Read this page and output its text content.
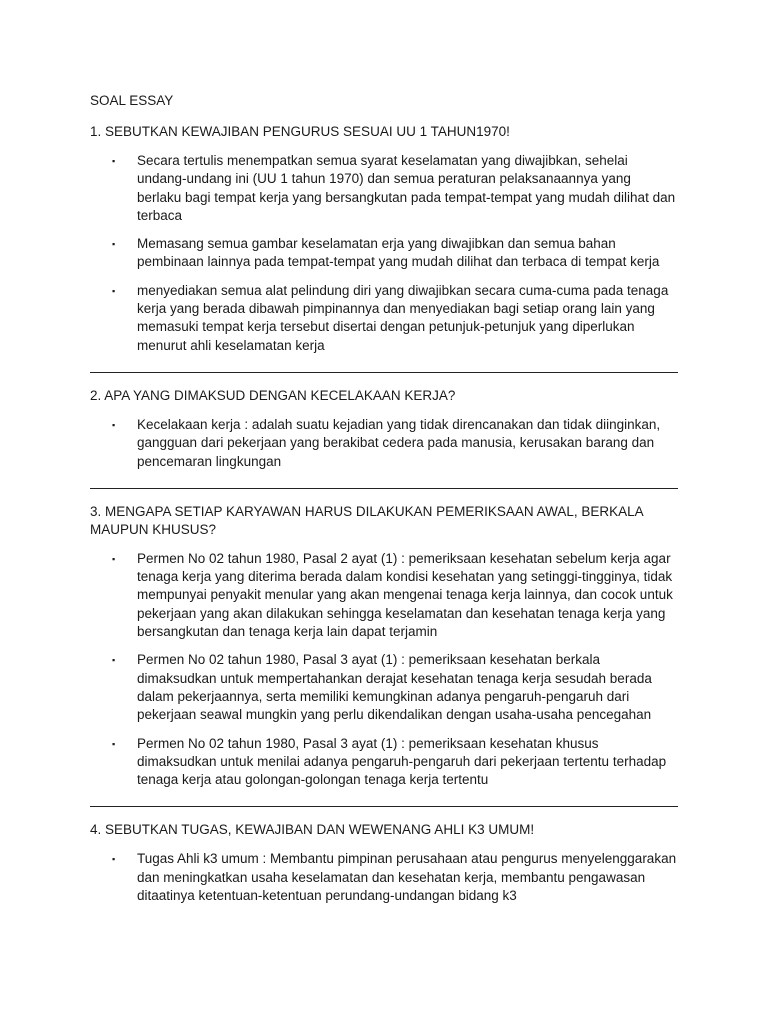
SOAL ESSAY

1. SEBUTKAN KEWAJIBAN PENGURUS SESUAI UU 1 TAHUN1970!

▪ Secara tertulis menempatkan semua syarat keselamatan yang diwajibkan, sehelai undang-undang ini (UU 1 tahun 1970) dan semua peraturan pelaksanaannya yang berlaku bagi tempat kerja yang bersangkutan pada tempat-tempat yang mudah dilihat dan terbaca
▪ Memasang semua gambar keselamatan erja yang diwajibkan dan semua bahan pembinaan lainnya pada tempat-tempat yang mudah dilihat dan terbaca di tempat kerja
▪ menyediakan semua alat pelindung diri yang diwajibkan secara cuma-cuma pada tenaga kerja yang berada dibawah pimpinannya dan menyediakan bagi setiap orang lain yang memasuki tempat kerja tersebut disertai dengan petunjuk-petunjuk yang diperlukan menurut ahli keselamatan kerja

2. APA YANG DIMAKSUD DENGAN KECELAKAAN KERJA?

▪ Kecelakaan kerja : adalah suatu kejadian yang tidak direncanakan dan tidak diinginkan, gangguan dari pekerjaan yang berakibat cedera pada manusia, kerusakan barang dan pencemaran lingkungan

3. MENGAPA SETIAP KARYAWAN HARUS DILAKUKAN PEMERIKSAAN AWAL, BERKALA MAUPUN KHUSUS?

▪ Permen No 02 tahun 1980, Pasal 2 ayat (1) : pemeriksaan kesehatan sebelum kerja agar tenaga kerja yang diterima berada dalam kondisi kesehatan yang setinggi-tingginya, tidak mempunyai penyakit menular yang akan mengenai tenaga kerja lainnya, dan cocok untuk pekerjaan yang akan dilakukan sehingga keselamatan dan kesehatan tenaga kerja yang bersangkutan dan tenaga kerja lain dapat terjamin
▪ Permen No 02 tahun 1980, Pasal 3 ayat (1) : pemeriksaan kesehatan berkala dimaksudkan untuk mempertahankan derajat kesehatan tenaga kerja sesudah berada dalam pekerjaannya, serta memiliki kemungkinan adanya pengaruh-pengaruh dari pekerjaan seawal mungkin yang perlu dikendalikan dengan usaha-usaha pencegahan
▪ Permen No 02 tahun 1980, Pasal 3 ayat (1) : pemeriksaan kesehatan khusus dimaksudkan untuk menilai adanya pengaruh-pengaruh dari pekerjaan tertentu terhadap tenaga kerja atau golongan-golongan tenaga kerja tertentu

4. SEBUTKAN TUGAS, KEWAJIBAN DAN WEWENANG AHLI K3 UMUM!

▪ Tugas Ahli k3 umum : Membantu pimpinan perusahaan atau pengurus menyelenggarakan dan meningkatkan usaha keselamatan dan kesehatan kerja, membantu pengawasan ditaatinya ketentuan-ketentuan perundang-undangan bidang k3
